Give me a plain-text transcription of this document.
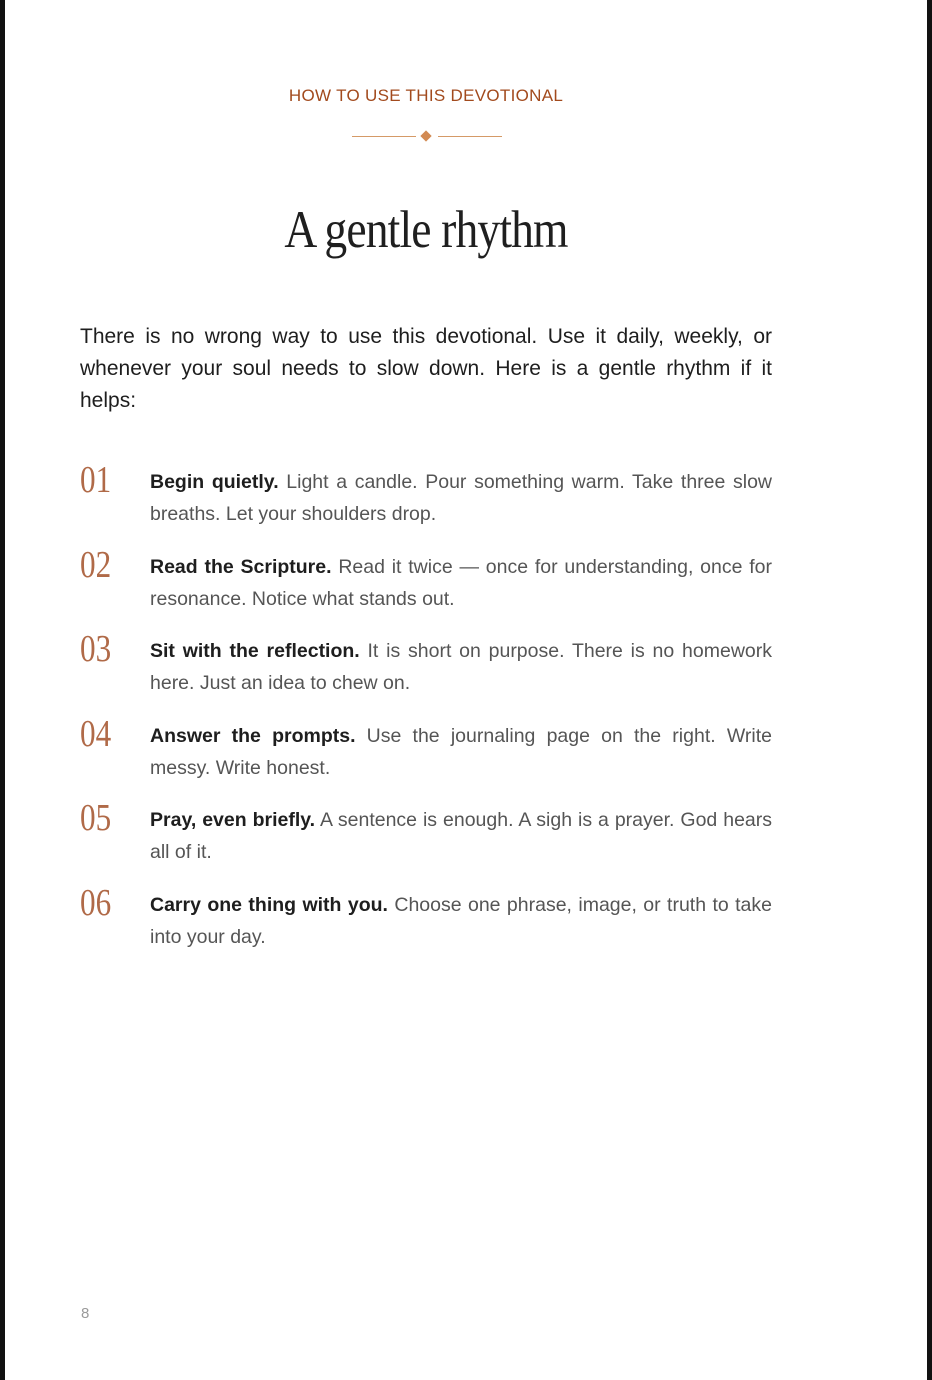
HOW TO USE THIS DEVOTIONAL
A gentle rhythm
There is no wrong way to use this devotional. Use it daily, weekly, or whenever your soul needs to slow down. Here is a gentle rhythm if it helps:
01 Begin quietly. Light a candle. Pour something warm. Take three slow breaths. Let your shoulders drop.
02 Read the Scripture. Read it twice — once for understanding, once for resonance. Notice what stands out.
03 Sit with the reflection. It is short on purpose. There is no homework here. Just an idea to chew on.
04 Answer the prompts. Use the journaling page on the right. Write messy. Write honest.
05 Pray, even briefly. A sentence is enough. A sigh is a prayer. God hears all of it.
06 Carry one thing with you. Choose one phrase, image, or truth to take into your day.
8
